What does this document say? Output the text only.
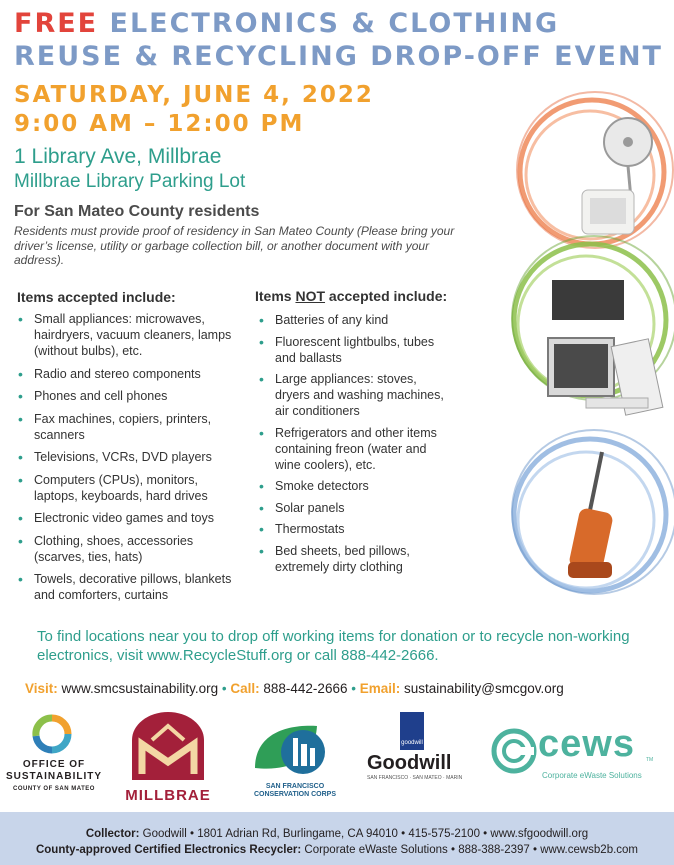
FREE ELECTRONICS & CLOTHING
REUSE & RECYCLING DROP-OFF EVENT
SATURDAY, JUNE 4, 2022
9:00 AM – 12:00 PM
1 Library Ave, Millbrae
Millbrae Library Parking Lot
For San Mateo County residents
Residents must provide proof of residency in San Mateo County (Please bring your driver’s license, utility or garbage collection bill, or another document with your address).
Items accepted include:
• Small appliances: microwaves, hairdryers, vacuum cleaners, lamps (without bulbs), etc.
• Radio and stereo components
• Phones and cell phones
• Fax machines, copiers, printers, scanners
• Televisions, VCRs, DVD players
• Computers (CPUs), monitors, laptops, keyboards, hard drives
• Electronic video games and toys
• Clothing, shoes, accessories (scarves, ties, hats)
• Towels, decorative pillows, blankets and comforters, curtains
Items NOT accepted include:
• Batteries of any kind
• Fluorescent lightbulbs, tubes and ballasts
• Large appliances: stoves, dryers and washing machines, air conditioners
• Refrigerators and other items containing freon (water and wine coolers), etc.
• Smoke detectors
• Solar panels
• Thermostats
• Bed sheets, bed pillows, extremely dirty clothing
To find locations near you to drop off working items for donation or to recycle non-working electronics, visit www.RecycleStuff.org or call 888-442-2666.
Visit: www.smcsustainability.org • Call: 888-442-2666 • Email: sustainability@smcgov.org
OFFICE OF
SUSTAINABILITY
COUNTY OF SAN MATEO	MILLBRAE
SAN FRANCISCO
CONSERVATION CORPS
goodwill
Goodwill
SAN FRANCISCO · SAN MATEO · MARIN
cews TM
Corporate eWaste Solutions
Collector: Goodwill • 1801 Adrian Rd, Burlingame, CA 94010 • 415-575-2100 • www.sfgoodwill.org
County-approved Certified Electronics Recycler: Corporate eWaste Solutions • 888-388-2397 • www.cewsb2b.com
